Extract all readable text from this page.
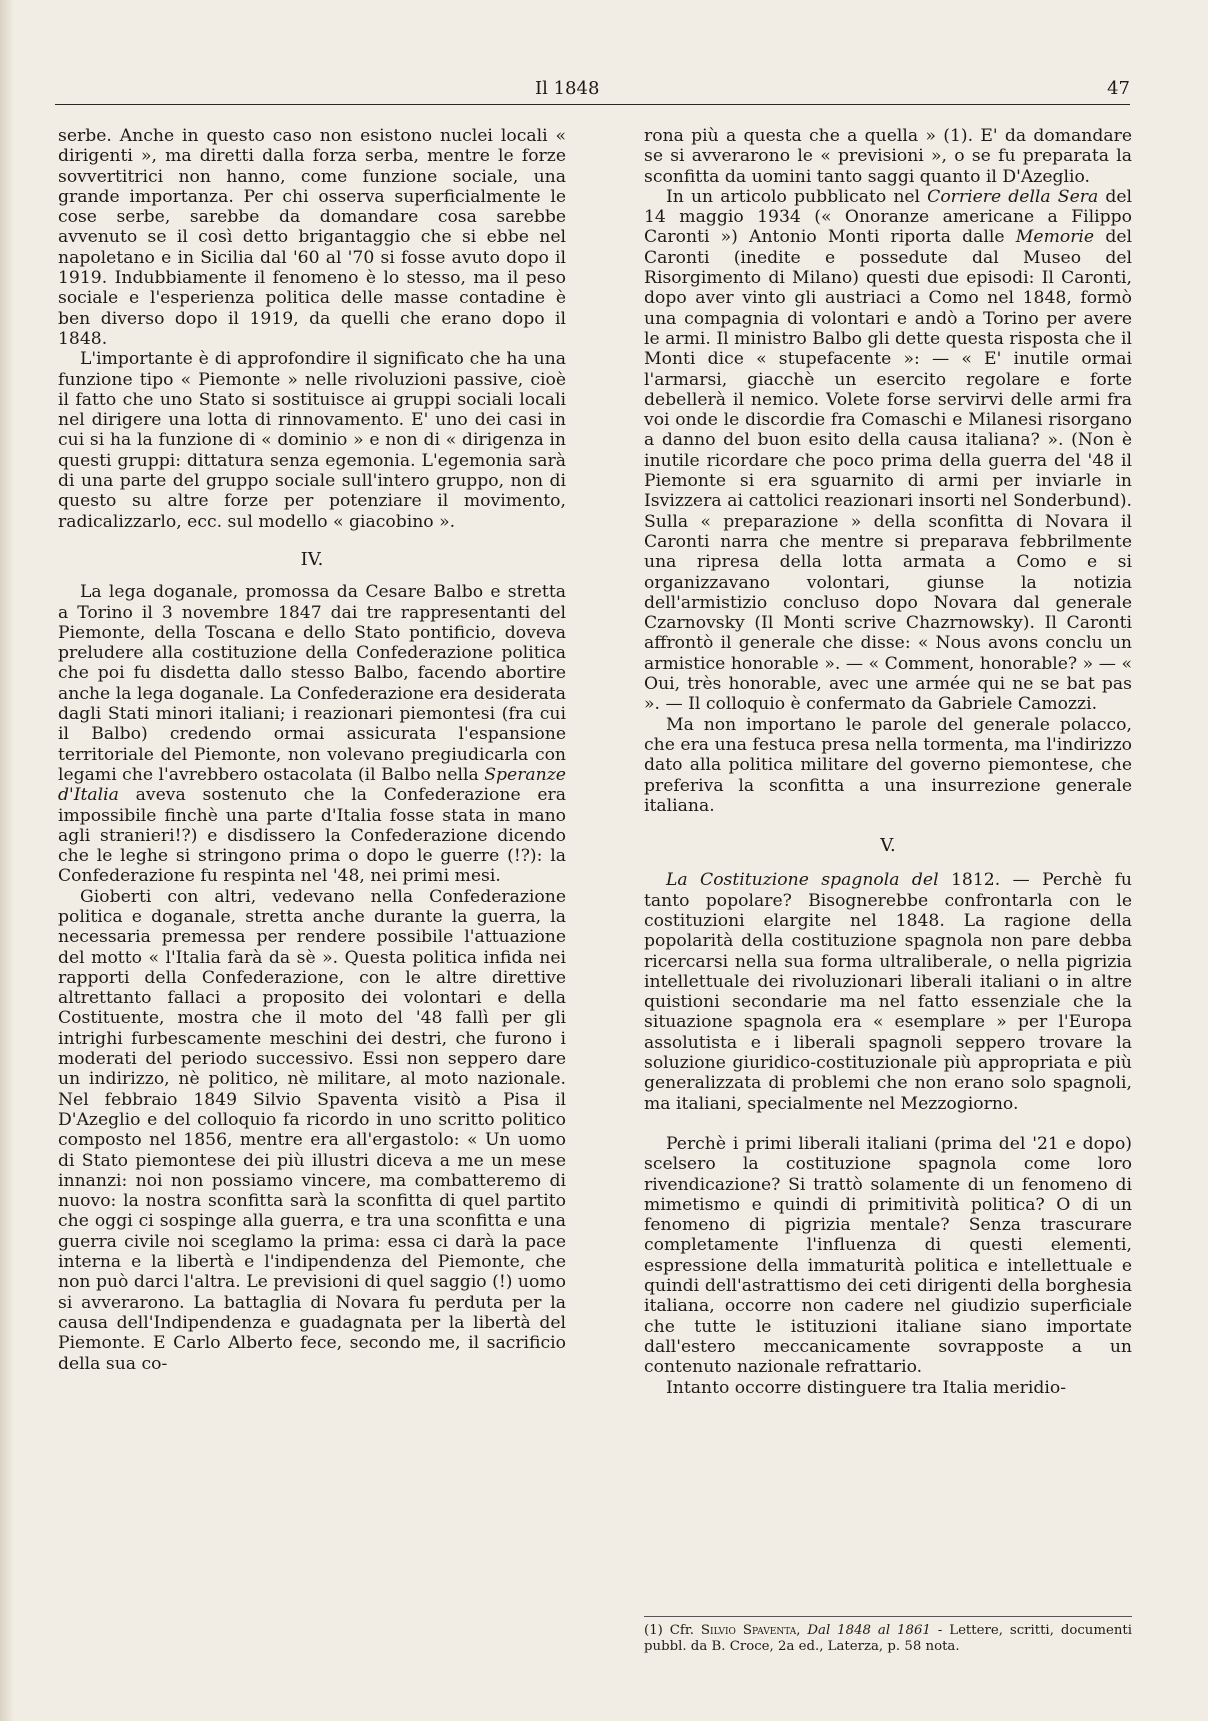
Il 1848	47

serbe. Anche in questo caso non esistono nuclei locali « dirigenti », ma diretti dalla forza serba, mentre le forze sovvertitrici non hanno, come funzione sociale, una grande importanza. Per chi osserva superficialmente le cose serbe, sarebbe da domandare cosa sarebbe avvenuto se il così detto brigantaggio che si ebbe nel napoletano e in Sicilia dal '60 al '70 si fosse avuto dopo il 1919. Indubbiamente il fenomeno è lo stesso, ma il peso sociale e l'esperienza politica delle masse contadine è ben diverso dopo il 1919, da quelli che erano dopo il 1848.

L'importante è di approfondire il significato che ha una funzione tipo « Piemonte » nelle rivoluzioni passive, cioè il fatto che uno Stato si sostituisce ai gruppi sociali locali nel dirigere una lotta di rinnovamento. E' uno dei casi in cui si ha la funzione di « dominio » e non di « dirigenza in questi gruppi: dittatura senza egemonia. L'egemonia sarà di una parte del gruppo sociale sull'intero gruppo, non di questo su altre forze per potenziare il movimento, radicalizzarlo, ecc. sul modello « giacobino ».

IV.

La lega doganale, promossa da Cesare Balbo e stretta a Torino il 3 novembre 1847 dai tre rappresentanti del Piemonte, della Toscana e dello Stato pontificio, doveva preludere alla costituzione della Confederazione politica che poi fu disdetta dallo stesso Balbo, facendo abortire anche la lega doganale. La Confederazione era desiderata dagli Stati minori italiani; i reazionari piemontesi (fra cui il Balbo) credendo ormai assicurata l'espansione territoriale del Piemonte, non volevano pregiudicarla con legami che l'avrebbero ostacolata (il Balbo nella Speranze d'Italia aveva sostenuto che la Confederazione era impossibile finchè una parte d'Italia fosse stata in mano agli stranieri!?) e disdissero la Confederazione dicendo che le leghe si stringono prima o dopo le guerre (!?): la Confederazione fu respinta nel '48, nei primi mesi.

Gioberti con altri, vedevano nella Confederazione politica e doganale, stretta anche durante la guerra, la necessaria premessa per rendere possibile l'attuazione del motto « l'Italia farà da sè ». Questa politica infida nei rapporti della Confederazione, con le altre direttive altrettanto fallaci a proposito dei volontari e della Costituente, mostra che il moto del '48 fallì per gli intrighi furbescamente meschini dei destri, che furono i moderati del periodo successivo. Essi non seppero dare un indirizzo, nè politico, nè militare, al moto nazionale. Nel febbraio 1849 Silvio Spaventa visitò a Pisa il D'Azeglio e del colloquio fa ricordo in uno scritto politico composto nel 1856, mentre era all'ergastolo: « Un uomo di Stato piemontese dei più illustri diceva a me un mese innanzi: noi non possiamo vincere, ma combatteremo di nuovo: la nostra sconfitta sarà la sconfitta di quel partito che oggi ci sospinge alla guerra, e tra una sconfitta e una guerra civile noi sceglamo la prima: essa ci darà la pace interna e la libertà e l'indipendenza del Piemonte, che non può darci l'altra. Le previsioni di quel saggio (!) uomo si avverarono. La battaglia di Novara fu perduta per la causa dell'Indipendenza e guadagnata per la libertà del Piemonte. E Carlo Alberto fece, secondo me, il sacrificio della sua co-

rona più a questa che a quella » (1). E' da domandare se si avverarono le « previsioni », o se fu preparata la sconfitta da uomini tanto saggi quanto il D'Azeglio.

In un articolo pubblicato nel Corriere della Sera del 14 maggio 1934 (« Onoranze americane a Filippo Caronti ») Antonio Monti riporta dalle Memorie del Caronti (inedite e possedute dal Museo del Risorgimento di Milano) questi due episodi: Il Caronti, dopo aver vinto gli austriaci a Como nel 1848, formò una compagnia di volontari e andò a Torino per avere le armi. Il ministro Balbo gli dette questa risposta che il Monti dice « stupefacente »: — « E' inutile ormai l'armarsi, giacchè un esercito regolare e forte debellerà il nemico. Volete forse servirvi delle armi fra voi onde le discordie fra Comaschi e Milanesi risorgano a danno del buon esito della causa italiana? ». (Non è inutile ricordare che poco prima della guerra del '48 il Piemonte si era sguarnito di armi per inviarle in Isvizzera ai cattolici reazionari insorti nel Sonderbund). Sulla « preparazione » della sconfitta di Novara il Caronti narra che mentre si preparava febbrilmente una ripresa della lotta armata a Como e si organizzavano volontari, giunse la notizia dell'armistizio concluso dopo Novara dal generale Czarnovsky (Il Monti scrive Chazrnowsky). Il Caronti affrontò il generale che disse: « Nous avons conclu un armistice honorable ». — « Comment, honorable? » — « Oui, très honorable, avec une armée qui ne se bat pas ». — Il colloquio è confermato da Gabriele Camozzi.

Ma non importano le parole del generale polacco, che era una festuca presa nella tormenta, ma l'indirizzo dato alla politica militare del governo piemontese, che preferiva la sconfitta a una insurrezione generale italiana.

V.

La Costituzione spagnola del 1812. — Perchè fu tanto popolare? Bisognerebbe confrontarla con le costituzioni elargite nel 1848. La ragione della popolarità della costituzione spagnola non pare debba ricercarsi nella sua forma ultraliberale, o nella pigrizia intellettuale dei rivoluzionari liberali italiani o in altre quistioni secondarie ma nel fatto essenziale che la situazione spagnola era « esemplare » per l'Europa assolutista e i liberali spagnoli seppero trovare la soluzione giuridico-costituzionale più appropriata e più generalizzata di problemi che non erano solo spagnoli, ma italiani, specialmente nel Mezzogiorno.

Perchè i primi liberali italiani (prima del '21 e dopo) scelsero la costituzione spagnola come loro rivendicazione? Si trattò solamente di un fenomeno di mimetismo e quindi di primitività politica? O di un fenomeno di pigrizia mentale? Senza trascurare completamente l'influenza di questi elementi, espressione della immaturità politica e intellettuale e quindi dell'astrattismo dei ceti dirigenti della borghesia italiana, occorre non cadere nel giudizio superficiale che tutte le istituzioni italiane siano importate dall'estero meccanicamente sovrapposte a un contenuto nazionale refrattario.

Intanto occorre distinguere tra Italia meridio-

(1) Cfr. Silvio Spaventa, Dal 1848 al 1861 - Lettere, scritti, documenti pubbl. da B. Croce, 2a ed., Laterza, p. 58 nota.
